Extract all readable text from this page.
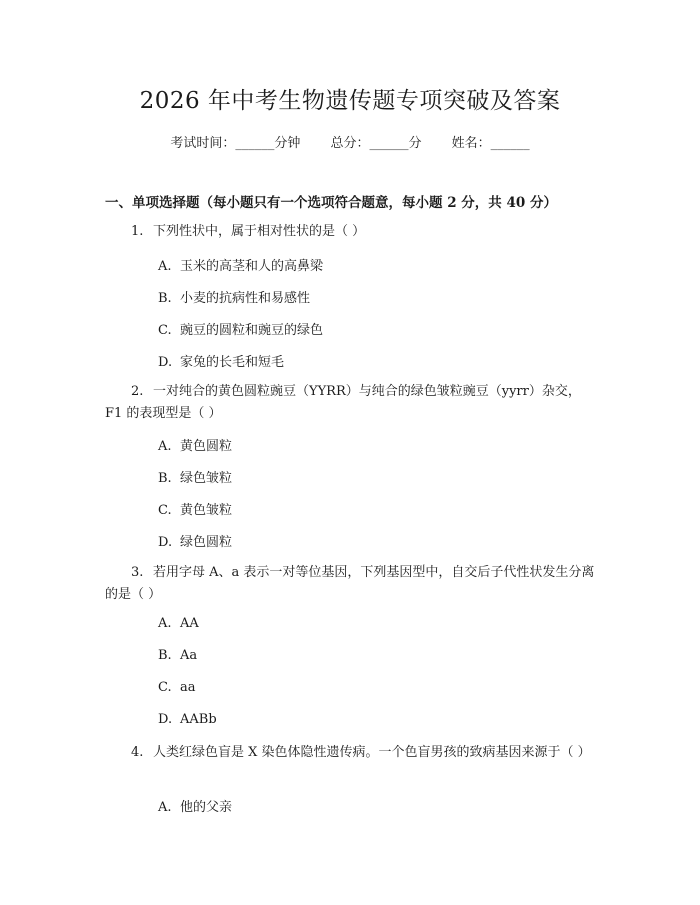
2026 年中考生物遗传题专项突破及答案
考试时间：______分钟 总分：______分 姓名：______
一、单项选择题（每小题只有一个选项符合题意，每小题 2 分，共 40 分）
1. 下列性状中，属于相对性状的是（ ）
A. 玉米的高茎和人的高鼻梁
B. 小麦的抗病性和易感性
C. 豌豆的圆粒和豌豆的绿色
D. 家兔的长毛和短毛
2. 一对纯合的黄色圆粒豌豆（YYRR）与纯合的绿色皱粒豌豆（yyrr）杂交，F1 的表现型是（ ）
A. 黄色圆粒
B. 绿色皱粒
C. 黄色皱粒
D. 绿色圆粒
3. 若用字母 A、a 表示一对等位基因，下列基因型中，自交后子代性状发生分离的是（ ）
A. AA
B. Aa
C. aa
D. AABb
4. 人类红绿色盲是 X 染色体隐性遗传病。一个色盲男孩的致病基因来源于（ ）
A. 他的父亲
